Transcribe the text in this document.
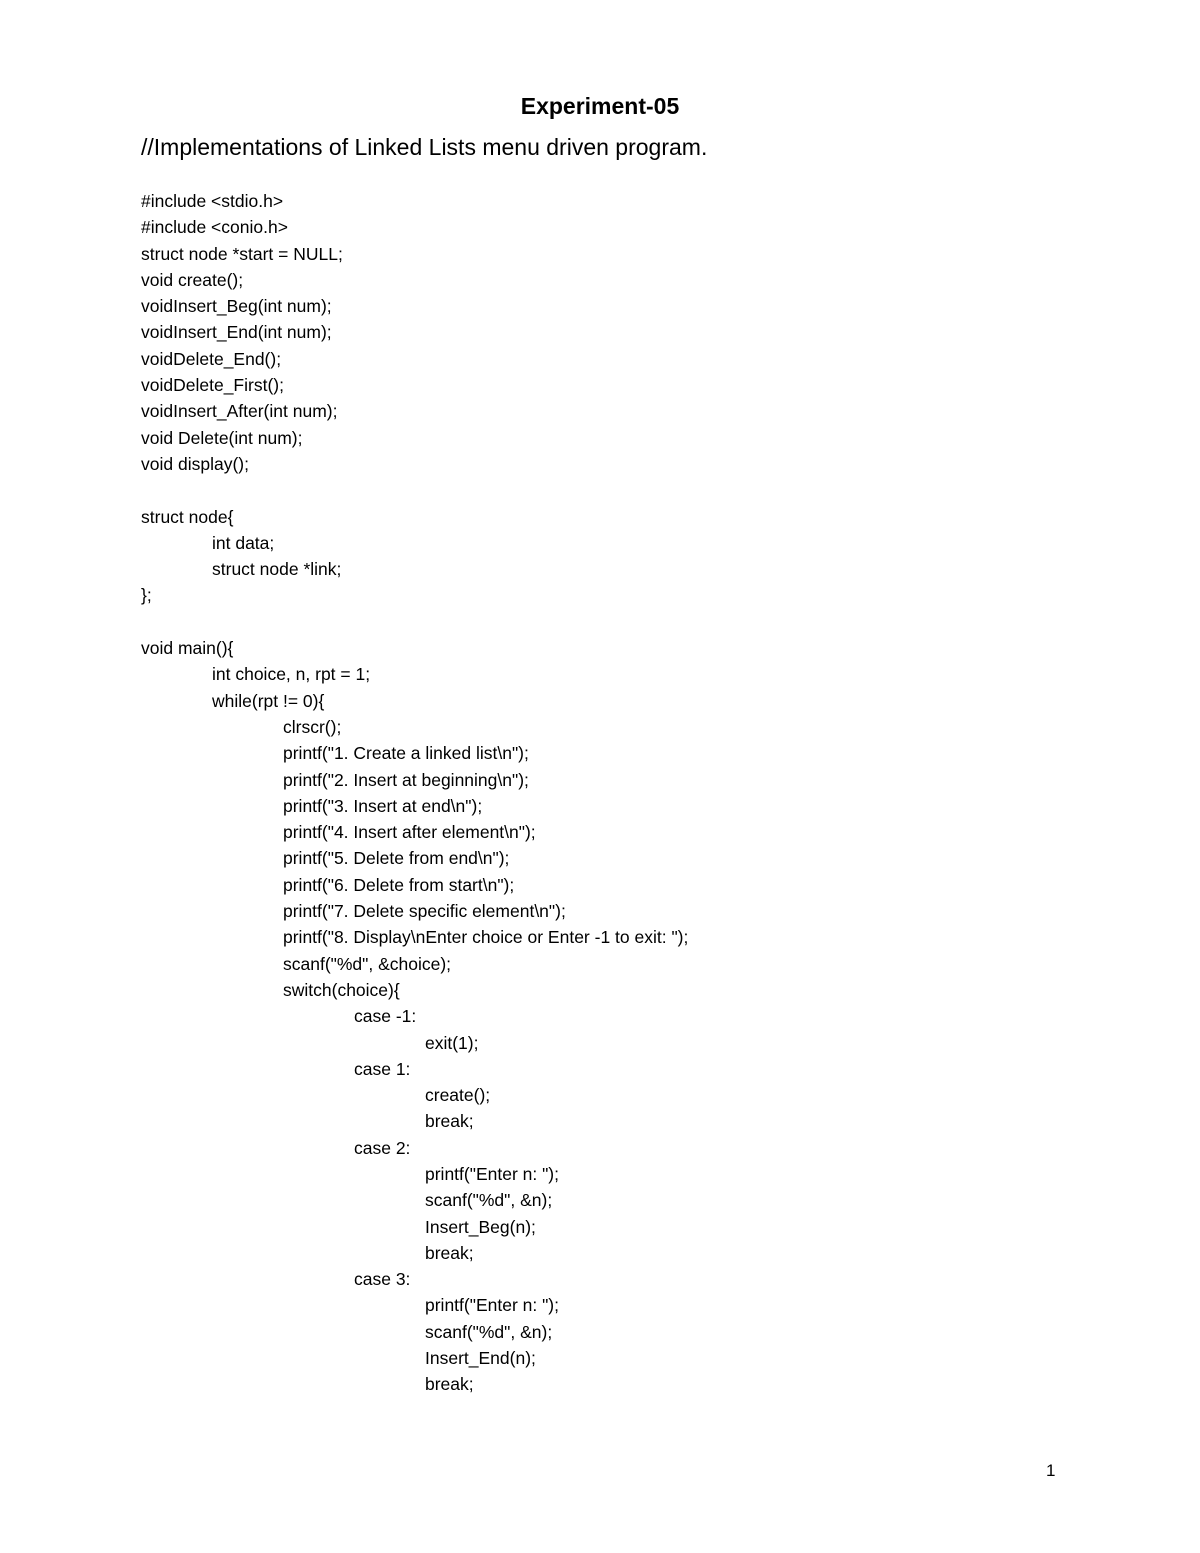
Experiment-05
//Implementations of Linked Lists menu driven program.
#include <stdio.h>
#include <conio.h>
struct node *start = NULL;
void create();
voidInsert_Beg(int num);
voidInsert_End(int num);
voidDelete_End();
voidDelete_First();
voidInsert_After(int num);
void Delete(int num);
void display();
struct node{
int data;
struct node *link;
};
void main(){
int choice, n, rpt = 1;
while(rpt != 0){
clrscr();
printf("1. Create a linked list\n");
printf("2. Insert at beginning\n");
printf("3. Insert at end\n");
printf("4. Insert after element\n");
printf("5. Delete from end\n");
printf("6. Delete from start\n");
printf("7. Delete specific element\n");
printf("8. Display\nEnter choice or Enter -1 to exit: ");
scanf("%d", &choice);
switch(choice){
case -1:
exit(1);
case 1:
create();
break;
case 2:
printf("Enter n: ");
scanf("%d", &n);
Insert_Beg(n);
break;
case 3:
printf("Enter n: ");
scanf("%d", &n);
Insert_End(n);
break;
1
